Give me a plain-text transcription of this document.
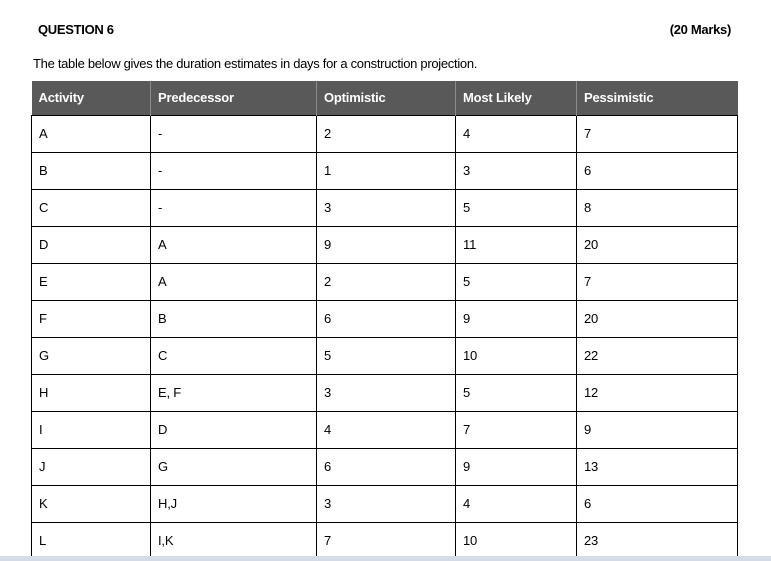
QUESTION 6	(20 Marks)
The table below gives the duration estimates in days for a construction projection.
Activity	Predecessor	Optimistic	Most Likely	Pessimistic
A	-	2	4	7
B	-	1	3	6
C	-	3	5	8
D	A	9	11	20
E	A	2	5	7
F	B	6	9	20
G	C	5	10	22
H	E, F	3	5	12
I	D	4	7	9
J	G	6	9	13
K	H,J	3	4	6
L	I,K	7	10	23
